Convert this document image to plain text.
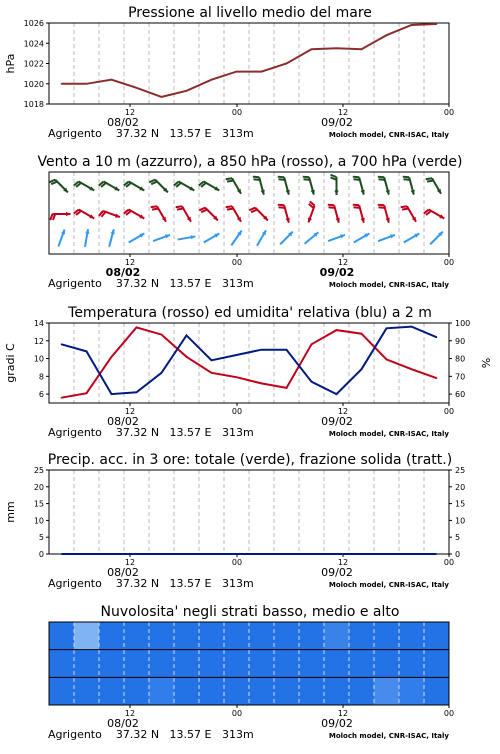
Pressione al livello medio del mare
12	00	12	00
08/02	09/02
Agrigento    37.32 N   13.57 E   313m	Moloch model, CNR-ISAC, Italy
1018
1020
1022
1024
1026
hPa
Vento a 10 m (azzurro), a 850 hPa (rosso), a 700 hPa (verde)
12	00	12	00
08/02	09/02
Agrigento    37.32 N   13.57 E   313m	Moloch model, CNR-ISAC, Italy
Temperatura (rosso) ed umidita' relativa (blu) a 2 m
12	00	12	00
08/02	09/02
Agrigento    37.32 N   13.57 E   313m	Moloch model, CNR-ISAC, Italy
6
8
10
12
14
60
70
80
90
100
gradi C	%
Precip. acc. in 3 ore: totale (verde), frazione solida (tratt.)
12	00	12	00
08/02	09/02
Agrigento    37.32 N   13.57 E   313m	Moloch model, CNR-ISAC, Italy
0
5
10
15
20
25
0
5
10
15
20
25
mm
Nuvolosita' negli strati basso, medio e alto
12	00	12	00
08/02	09/02
Agrigento    37.32 N   13.57 E   313m	Moloch model, CNR-ISAC, Italy
